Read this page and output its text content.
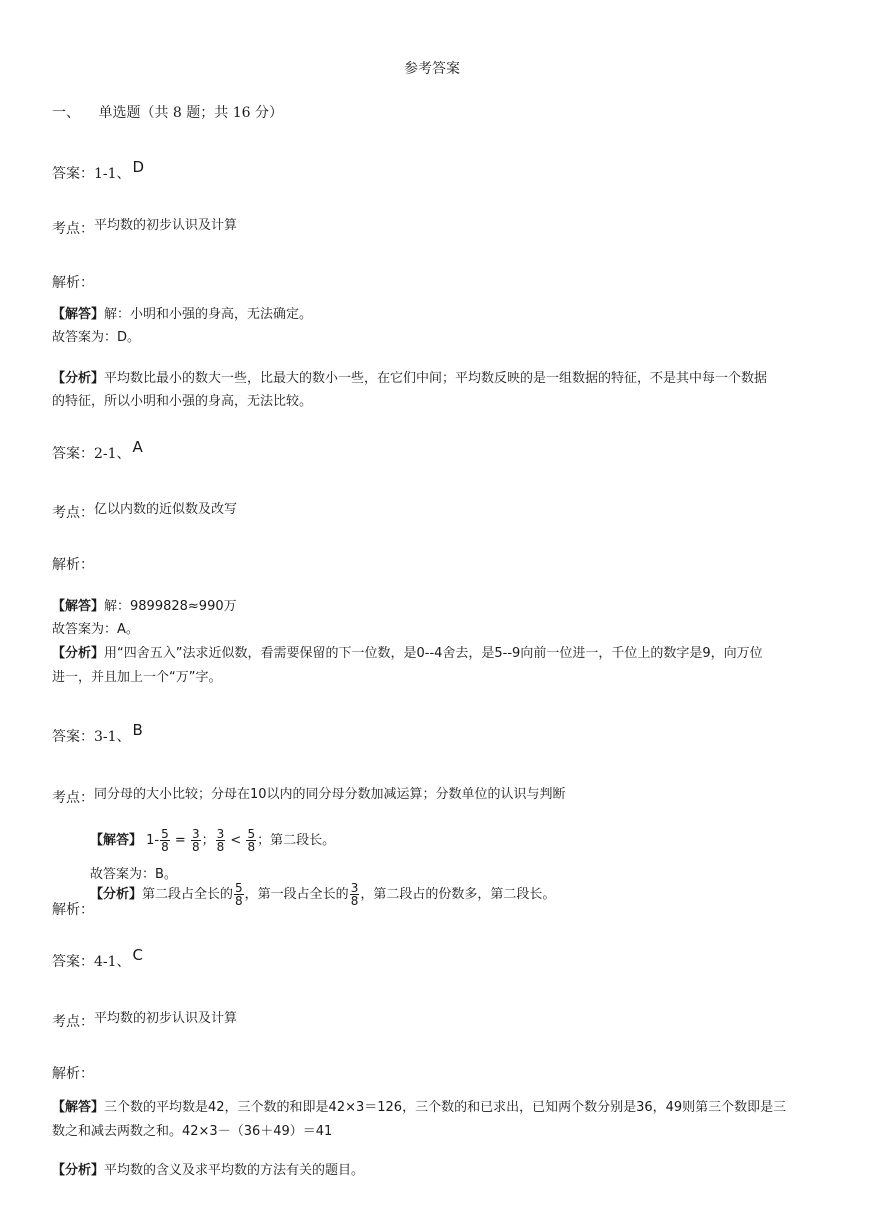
参考答案
一、 单选题（共 8 题；共 16 分）
答案：1-1、 D
考点：$^{平均数的初步认识及计算}$
解析：
【解答】解：小明和小强的身高，无法确定。
故答案为：D。
【分析】平均数比最小的数大一些，比最大的数小一些，在它们中间；平均数反映的是一组数据的特征，不是其中每一个数据
的特征，所以小明和小强的身高，无法比较。
答案：2-1、 A
考点：$^{亿以内数的近似数及改写}$
解析：
【解答】解：9899828≈990万
故答案为：A。
【分析】用“四舍五入”法求近似数，看需要保留的下一位数，是0--4舍去，是5--9向前一位进一，千位上的数字是9，向万位
进一，并且加上一个“万”字。
答案：3-1、 B
考点：$^{同分母的大小比较;分母在10以内的同分母分数加减运算;分数单位的认识与判断}$
【解答】 $1- \frac{5}{8} = \frac{3}{8}$ ； $\frac{3}{8} < \frac{5}{8}$ ；第二段长。
故答案为：B。
解析：
【分析】第二段占全长的 $\frac{5}{8}$ ，第一段占全长的 $\frac{3}{8}$ ，第二段占的份数多，第二段长。
答案：4-1、 C
考点：$^{平均数的初步认识及计算}$
解析：
【解答】三个数的平均数是42，三个数的和即是42×3＝126，三个数的和已求出，已知两个数分别是36，49则第三个数即是三
数之和减去两数之和。42×3－（36＋49）＝41
【分析】平均数的含义及求平均数的方法有关的题目。
